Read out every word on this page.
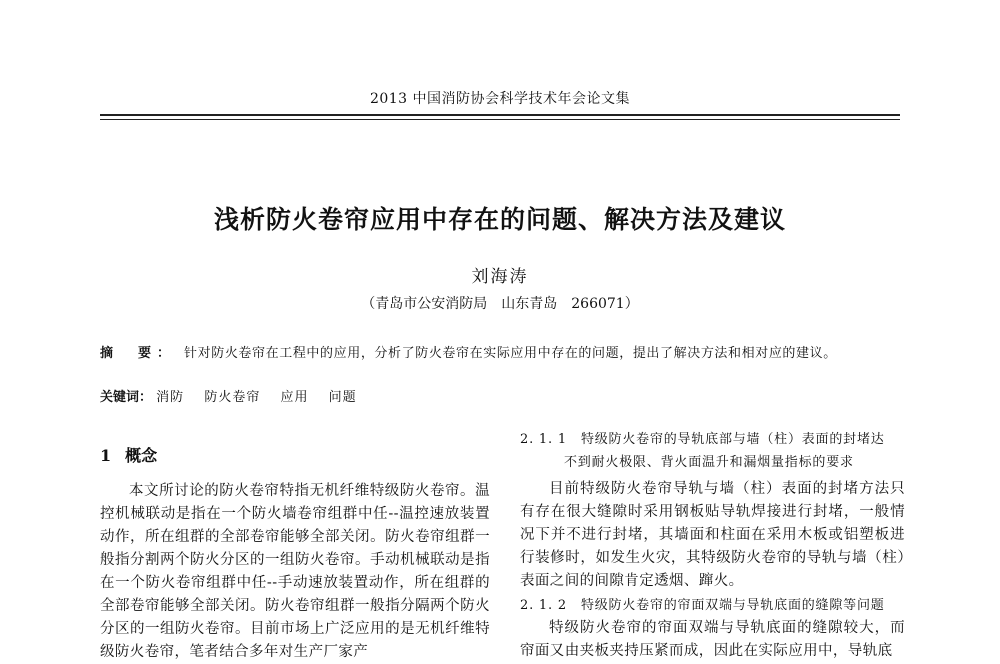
2013 中国消防协会科学技术年会论文集
浅析防火卷帘应用中存在的问题、解决方法及建议
刘海涛
（青岛市公安消防局　山东青岛　266071）
摘　要： 针对防火卷帘在工程中的应用，分析了防火卷帘在实际应用中存在的问题，提出了解决方法和相对应的建议。
关键词： 消防 防火卷帘 应用 问题
1 概念
本文所讨论的防火卷帘特指无机纤维特级防火卷帘。温控机械联动是指在一个防火墙卷帘组群中任--温控速放装置动作，所在组群的全部卷帘能够全部关闭。防火卷帘组群一般指分割两个防火分区的一组防火卷帘。手动机械联动是指在一个防火卷帘组群中任--手动速放装置动作，所在组群的全部卷帘能够全部关闭。防火卷帘组群一般指分隔两个防火分区的一组防火卷帘。目前市场上广泛应用的是无机纤维特级防火卷帘，笔者结合多年对生产厂家产
2. 1. 1 特级防火卷帘的导轨底部与墙（柱）表面的封堵达
不到耐火极限、背火面温升和漏烟量指标的要求
目前特级防火卷帘导轨与墙（柱）表面的封堵方法只有存在很大缝隙时采用钢板贴导轨焊接进行封堵，一般情况下并不进行封堵，其墙面和柱面在采用木板或铝塑板进行装修时，如发生火灾，其特级防火卷帘的导轨与墙（柱）表面之间的间隙肯定透烟、蹿火。
2. 1. 2 特级防火卷帘的帘面双端与导轨底面的缝隙等问题
特级防火卷帘的帘面双端与导轨底面的缝隙较大，而帘面又由夹板夹持压紧而成，因此在实际应用中，导轨底
